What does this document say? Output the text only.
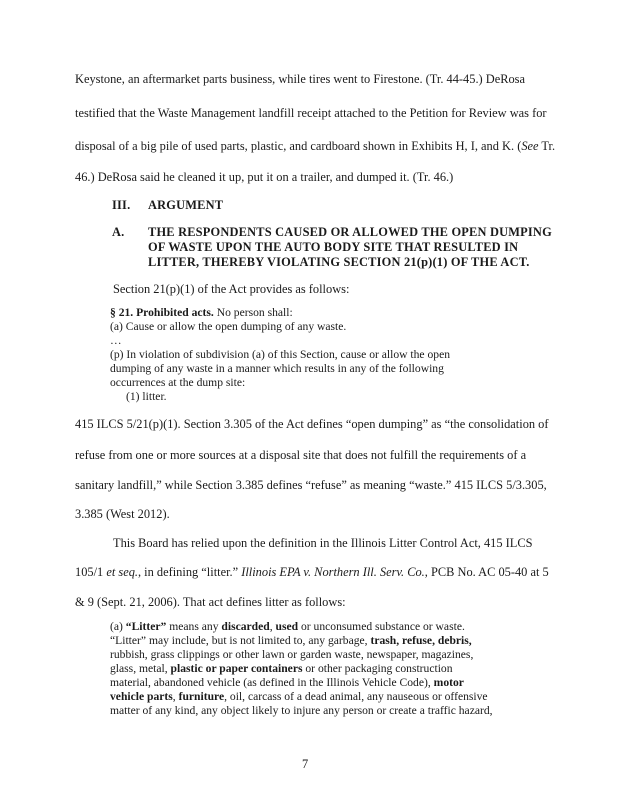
Keystone, an aftermarket parts business, while tires went to Firestone. (Tr. 44-45.) DeRosa
testified that the Waste Management landfill receipt attached to the Petition for Review was for
disposal of a big pile of used parts, plastic, and cardboard shown in Exhibits H, I, and K. (See Tr.
46.) DeRosa said he cleaned it up, put it on a trailer, and dumped it. (Tr. 46.)
III. ARGUMENT
A. THE RESPONDENTS CAUSED OR ALLOWED THE OPEN DUMPING
OF WASTE UPON THE AUTO BODY SITE THAT RESULTED IN
LITTER, THEREBY VIOLATING SECTION 21(p)(1) OF THE ACT.
Section 21(p)(1) of the Act provides as follows:
§ 21. Prohibited acts. No person shall:
(a) Cause or allow the open dumping of any waste.
…
(p) In violation of subdivision (a) of this Section, cause or allow the open
dumping of any waste in a manner which results in any of the following
occurrences at the dump site:
(1) litter.
415 ILCS 5/21(p)(1). Section 3.305 of the Act defines “open dumping” as “the consolidation of
refuse from one or more sources at a disposal site that does not fulfill the requirements of a
sanitary landfill,” while Section 3.385 defines “refuse” as meaning “waste.” 415 ILCS 5/3.305,
3.385 (West 2012).
This Board has relied upon the definition in the Illinois Litter Control Act, 415 ILCS
105/1 et seq., in defining “litter.” Illinois EPA v. Northern Ill. Serv. Co., PCB No. AC 05-40 at 5
& 9 (Sept. 21, 2006). That act defines litter as follows:
(a) “Litter” means any discarded, used or unconsumed substance or waste.
“Litter” may include, but is not limited to, any garbage, trash, refuse, debris,
rubbish, grass clippings or other lawn or garden waste, newspaper, magazines,
glass, metal, plastic or paper containers or other packaging construction
material, abandoned vehicle (as defined in the Illinois Vehicle Code), motor
vehicle parts, furniture, oil, carcass of a dead animal, any nauseous or offensive
matter of any kind, any object likely to injure any person or create a traffic hazard,
7
